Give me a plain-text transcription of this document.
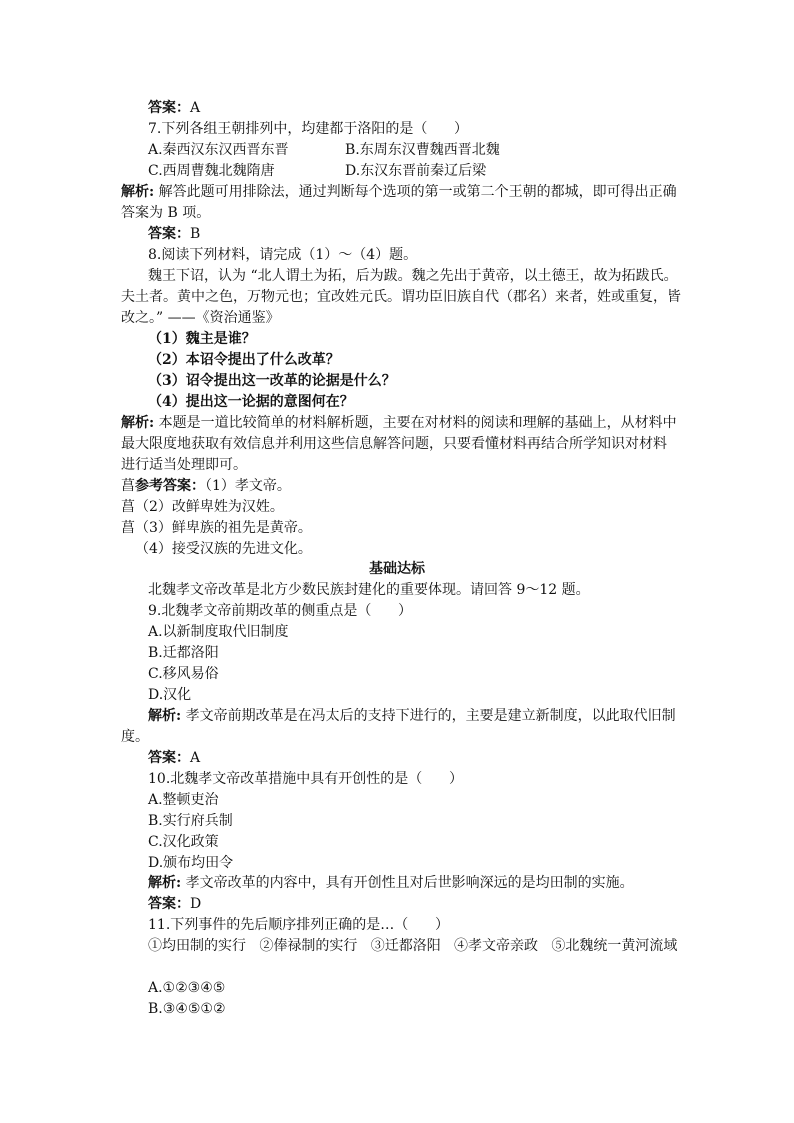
答案：A
7.下列各组王朝排列中，均建都于洛阳的是（      ）
A.秦西汉东汉西晋东晋	B.东周东汉曹魏西晋北魏
C.西周曹魏北魏隋唐	D.东汉东晋前秦辽后梁
解析: 解答此题可用排除法，通过判断每个选项的第一或第二个王朝的都城，即可得出正确
答案为 B 项。
答案：B
8.阅读下列材料，请完成（1）～（4）题。
魏王下诏，认为 “北人谓土为拓，后为跋。魏之先出于黄帝，以土德王，故为拓跋氏。
夫土者。黄中之色，万物元也；宜改姓元氏。谓功臣旧族自代（郡名）来者，姓或重复，皆
改之。” ——《资治通鉴》
（1）魏主是谁？
（2）本诏令提出了什么改革？
（3）诏令提出这一改革的论据是什么？
（4）提出这一论据的意图何在？
解析: 本题是一道比较简单的材料解析题，主要在对材料的阅读和理解的基础上，从材料中
最大限度地获取有效信息并利用这些信息解答问题，只要看懂材料再结合所学知识对材料
进行适当处理即可。
菖参考答案：（1）孝文帝。
菖（2）改鲜卑姓为汉姓。
菖（3）鲜卑族的祖先是黄帝。
（4）接受汉族的先进文化。
基础达标
北魏孝文帝改革是北方少数民族封建化的重要体现。请回答 9～12 题。
9.北魏孝文帝前期改革的侧重点是（      ）
A.以新制度取代旧制度
B.迁都洛阳
C.移风易俗
D.汉化
解析: 孝文帝前期改革是在冯太后的支持下进行的，主要是建立新制度，以此取代旧制
度。
答案：A
10.北魏孝文帝改革措施中具有开创性的是（      ）
A.整顿吏治
B.实行府兵制
C.汉化政策
D.颁布均田令
解析: 孝文帝改革的内容中，具有开创性且对后世影响深远的是均田制的实施。
答案：D
11.下列事件的先后顺序排列正确的是…（      ）
①均田制的实行   ②俸禄制的实行   ③迁都洛阳   ④孝文帝亲政   ⑤北魏统一黄河流域
A.①②③④⑤
B.③④⑤①②
